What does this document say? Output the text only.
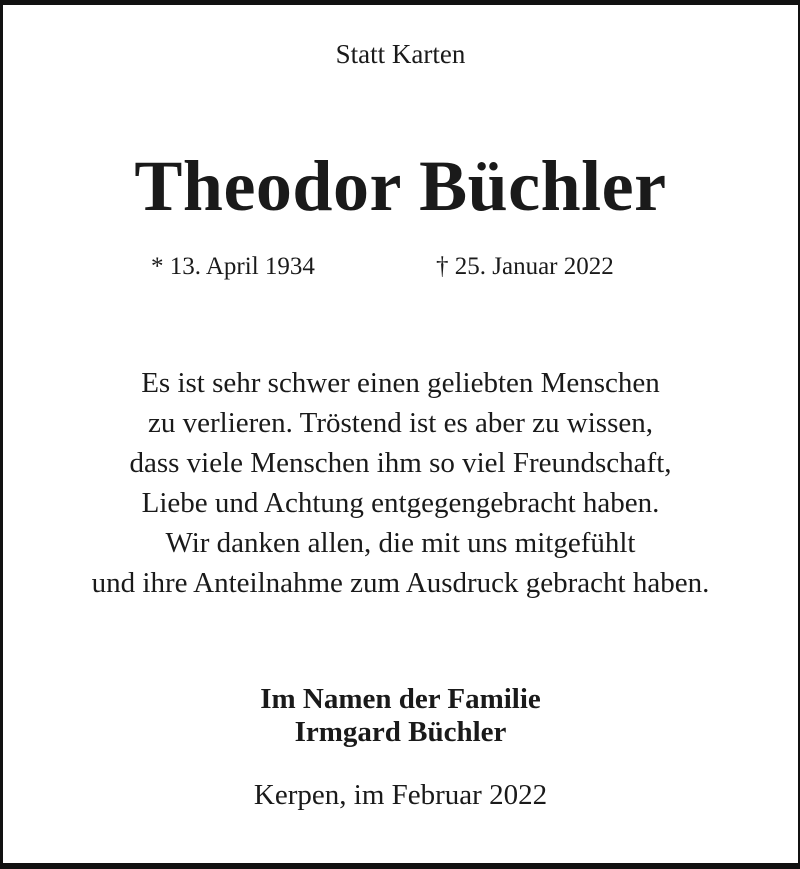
Statt Karten
Theodor Büchler
* 13. April 1934	† 25. Januar 2022
Es ist sehr schwer einen geliebten Menschen
zu verlieren. Tröstend ist es aber zu wissen,
dass viele Menschen ihm so viel Freundschaft,
Liebe und Achtung entgegengebracht haben.
Wir danken allen, die mit uns mitgefühlt
und ihre Anteilnahme zum Ausdruck gebracht haben.
Im Namen der Familie
Irmgard Büchler
Kerpen, im Februar 2022
